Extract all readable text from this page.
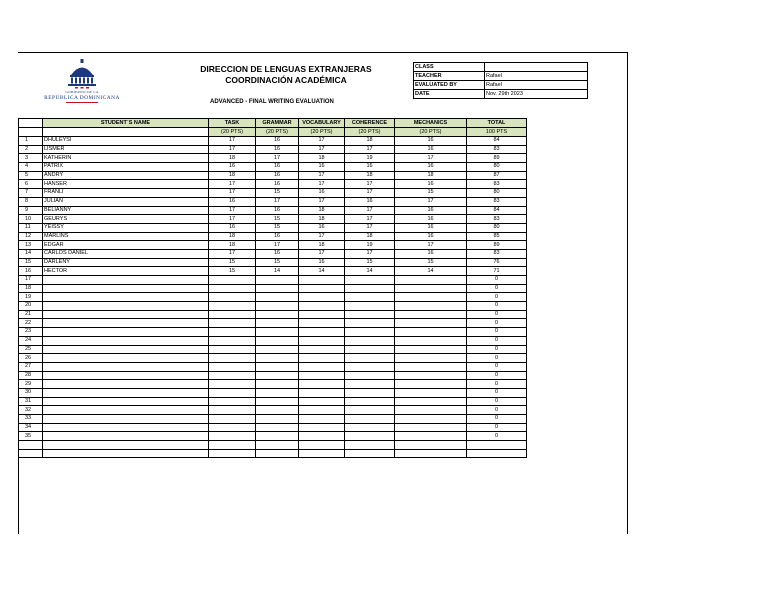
GOBIERNO DE LA
REPÚBLICA DOMINICANA
DIRECCION DE LENGUAS EXTRANJERAS
COORDINACIÓN ACADÉMICA
ADVANCED - FINAL WRITING EVALUATION
CLASS	
TEACHER	Rafael
EVALUATED BY	Rafael
DATE	Nov. 29th 2023
	STUDENT´S NAME	TASK	GRAMMAR	VOCABULARY	COHERENCE	MECHANICS	TOTAL
		(20 PTS)	(20 PTS)	(20 PTS)	(20 PTS)	(20 PTS)	100 PTS
1	DHULEYSI	17	16	17	18	16	84
2	LISMER	17	16	17	17	16	83
3	KATHERIN	18	17	18	19	17	89
4	PATRIX	16	16	16	16	16	80
5	ANDRY	18	16	17	18	18	87
6	HANSER	17	16	17	17	16	83
7	FRANLI	17	15	16	17	15	80
8	JULIAN	16	17	17	16	17	83
9	BELIANNY	17	16	18	17	16	84
10	GEURYS	17	15	18	17	16	83
11	YEISSY	16	15	16	17	16	80
12	MARLINS	18	16	17	18	16	85
13	EDGAR	18	17	18	19	17	89
14	CARLOS DANIEL	17	16	17	17	16	83
15	DARLENY	15	15	16	15	15	76
16	HECTOR	15	14	14	14	14	71
17							0
18							0
19							0
20							0
21							0
22							0
23							0
24							0
25							0
26							0
27							0
28							0
29							0
30							0
31							0
32							0
33							0
34							0
35							0
